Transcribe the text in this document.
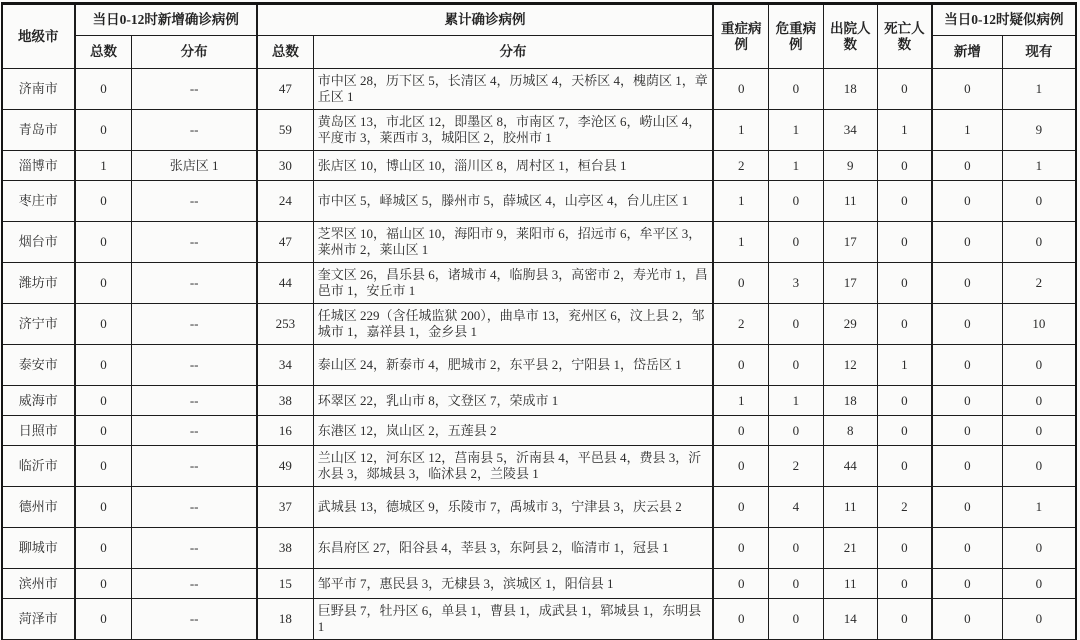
地级市	当日0-12时新增确诊病例		累计确诊病例		重症病例	危重病例	出院人数	死亡人数	当日0-12时疑似病例	
	总数	分布	总数	分布					新增	现有
济南市	0	--	47	市中区 28，历下区 5，长清区 4，历城区 4，天桥区 4，槐荫区 1，章丘区 1	0	0	18	0	0	1
青岛市	0	--	59	黄岛区 13，市北区 12，即墨区 8，市南区 7，李沧区 6，崂山区 4，平度市 3，莱西市 3，城阳区 2，胶州市 1	1	1	34	1	1	9
淄博市	1	张店区 1	30	张店区 10，博山区 10，淄川区 8，周村区 1，桓台县 1	2	1	9	0	0	1
枣庄市	0	--	24	市中区 5，峄城区 5，滕州市 5，薛城区 4，山亭区 4，台儿庄区 1	1	0	11	0	0	0
烟台市	0	--	47	芝罘区 10，福山区 10，海阳市 9，莱阳市 6，招远市 6，牟平区 3，莱州市 2，莱山区 1	1	0	17	0	0	0
潍坊市	0	--	44	奎文区 26，昌乐县 6，诸城市 4，临朐县 3，高密市 2，寿光市 1，昌邑市 1，安丘市 1	0	3	17	0	0	2
济宁市	0	--	253	任城区 229（含任城监狱 200），曲阜市 13，兖州区 6，汶上县 2，邹城市 1，嘉祥县 1，金乡县 1	2	0	29	0	0	10
泰安市	0	--	34	泰山区 24，新泰市 4，肥城市 2，东平县 2，宁阳县 1，岱岳区 1	0	0	12	1	0	0
威海市	0	--	38	环翠区 22，乳山市 8，文登区 7，荣成市 1	1	1	18	0	0	0
日照市	0	--	16	东港区 12，岚山区 2，五莲县 2	0	0	8	0	0	0
临沂市	0	--	49	兰山区 12，河东区 12，莒南县 5，沂南县 4，平邑县 4，费县 3，沂水县 3，郯城县 3，临沭县 2，兰陵县 1	0	2	44	0	0	0
德州市	0	--	37	武城县 13，德城区 9，乐陵市 7，禹城市 3，宁津县 3，庆云县 2	0	4	11	2	0	1
聊城市	0	--	38	东昌府区 27，阳谷县 4，莘县 3，东阿县 2，临清市 1，冠县 1	0	0	21	0	0	0
滨州市	0	--	15	邹平市 7，惠民县 3，无棣县 3，滨城区 1，阳信县 1	0	0	11	0	0	0
菏泽市	0	--	18	巨野县 7，牡丹区 6，单县 1，曹县 1，成武县 1，郓城县 1，东明县 1	0	0	14	0	0	0
